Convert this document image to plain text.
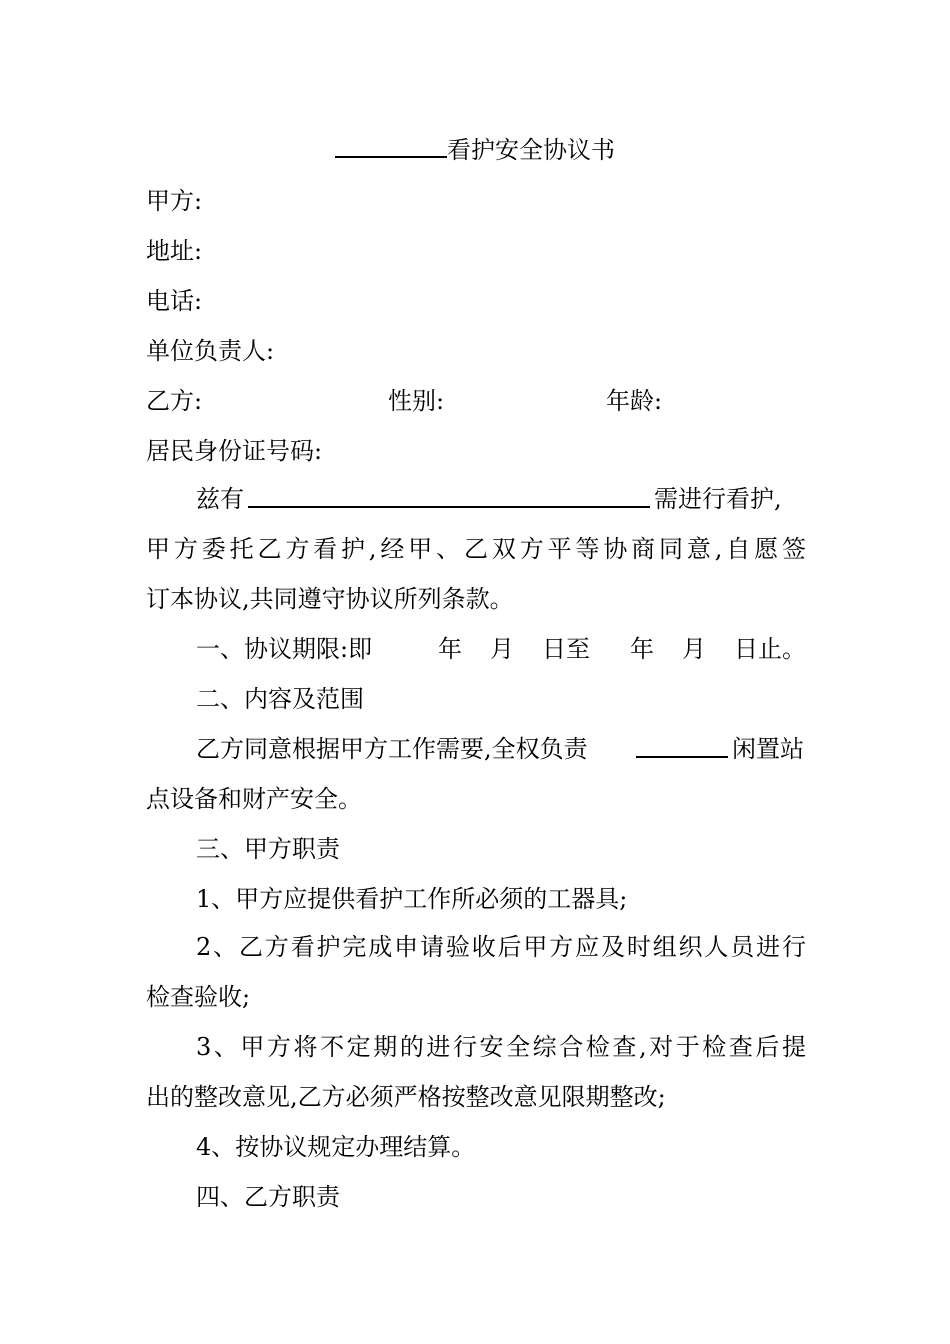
看护安全协议书
甲方:
地址:
电话:
单位负责人:
乙方:	性别:	年龄:
居民身份证号码:
兹有	需进行看护,
甲方委托乙方看护,经甲、乙双方平等协商同意,自愿签
订本协议,共同遵守协议所列条款。
一、协议期限:即	年 月 日至 年 月 日止。
二、内容及范围
乙方同意根据甲方工作需要,全权负责	闲置站
点设备和财产安全。
三、甲方职责
1、甲方应提供看护工作所必须的工器具;
2、乙方看护完成申请验收后甲方应及时组织人员进行
检查验收;
3、甲方将不定期的进行安全综合检查,对于检查后提
出的整改意见,乙方必须严格按整改意见限期整改;
4、按协议规定办理结算。
四、乙方职责
